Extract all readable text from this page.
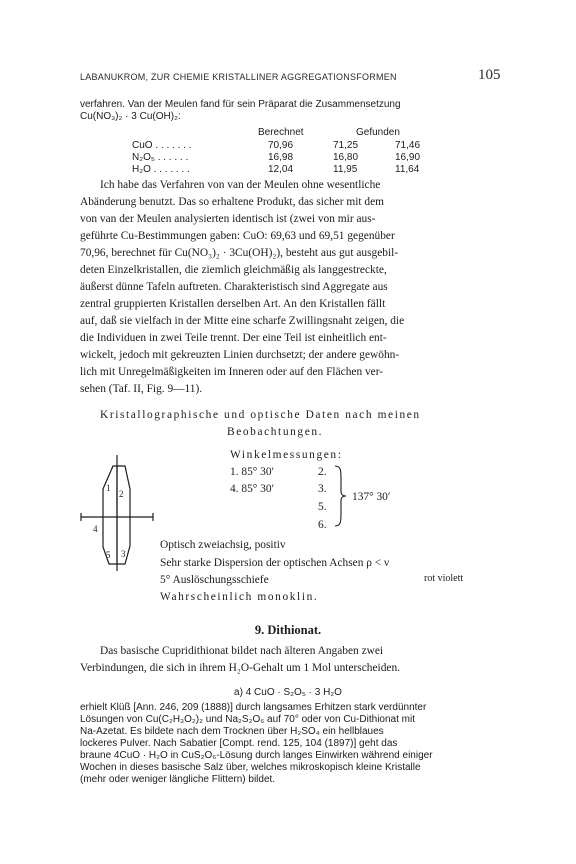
LABANUKROM, ZUR CHEMIE KRISTALLINER AGGREGATIONSFORMEN	105
verfahren. Van der Meulen fand für sein Präparat die Zusammensetzung
Cu(NO₃)₂ · 3 Cu(OH)₂:
Berechnet	Gefunden
CuO . . . . . . .	70,96	71,25	71,46
N₂O₅ . . . . . .	16,98	16,80	16,90
H₂O . . . . . . .	12,04	11,95	11,64
Ich habe das Verfahren von van der Meulen ohne wesentliche
Abänderung benutzt. Das so erhaltene Produkt, das sicher mit dem
von van der Meulen analysierten identisch ist (zwei von mir aus-
geführte Cu-Bestimmungen gaben: CuO: 69,63 und 69,51 gegenüber
70,96, berechnet für Cu(NO₃)₂ · 3Cu(OH)₂), besteht aus gut ausgebil-
deten Einzelkristallen, die ziemlich gleichmäßig als langgestreckte,
äußerst dünne Tafeln auftreten. Charakteristisch sind Aggregate aus
zentral gruppierten Kristallen derselben Art. An den Kristallen fällt
auf, daß sie vielfach in der Mitte eine scharfe Zwillingsnaht zeigen, die
die Individuen in zwei Teile trennt. Der eine Teil ist einheitlich ent-
wickelt, jedoch mit gekreuzten Linien durchsetzt; der andere gewöhn-
lich mit Unregelmäßigkeiten im Inneren oder auf den Flächen ver-
sehen (Taf. II, Fig. 9—11).
Kristallographische und optische Daten nach meinen
Beobachtungen.
Winkelmessungen:
1. 85° 30′	2.
4. 85° 30′	3.
5.
6.
137° 30′
1
2
4
5 3
Optisch zweiachsig, positiv
Sehr starke Dispersion der optischen Achsen ρ < ν
rot violett
5° Auslöschungsschiefe
Wahrscheinlich monoklin.
9. Dithionat.
Das basische Cupridithionat bildet nach älteren Angaben zwei
Verbindungen, die sich in ihrem H₂O-Gehalt um 1 Mol unterscheiden.
a) 4 CuO · S₂O₅ · 3 H₂O
erhielt Klüß [Ann. 246, 209 (1888)] durch langsames Erhitzen stark verdünnter
Lösungen von Cu(C₂H₃O₂)₂ und Na₂S₂O₆ auf 70° oder von Cu-Dithionat mit
Na-Azetat. Es bildete nach dem Trocknen über H₂SO₄ ein hellblaues
lockeres Pulver. Nach Sabatier [Compt. rend. 125, 104 (1897)] geht das
braune 4CuO · H₂O in CuS₂O₆-Lösung durch langes Einwirken während einiger
Wochen in dieses basische Salz über, welches mikroskopisch kleine Kristalle
(mehr oder weniger längliche Flittern) bildet.
